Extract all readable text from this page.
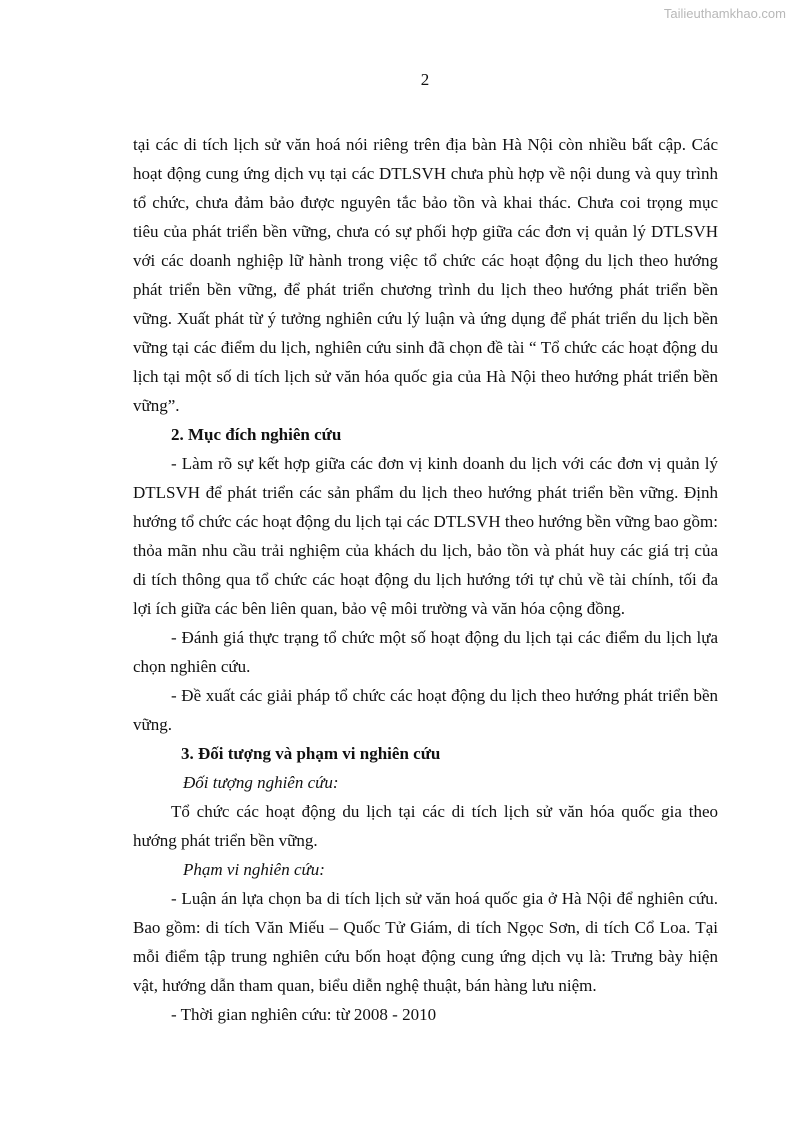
Tailieuthamkhao.com
2

tại các di tích lịch sử văn hoá nói riêng trên địa bàn Hà Nội còn nhiều bất cập. Các hoạt động cung ứng dịch vụ tại các DTLSVH chưa phù hợp về nội dung và quy trình tổ chức, chưa đảm bảo được nguyên tắc bảo tồn và khai thác. Chưa coi trọng mục tiêu của phát triển bền vững, chưa có sự phối hợp giữa các đơn vị quản lý DTLSVH với các doanh nghiệp lữ hành trong việc tổ chức các hoạt động du lịch theo hướng phát triển bền vững, để phát triển chương trình du lịch theo hướng phát triển bền vững. Xuất phát từ ý tưởng nghiên cứu lý luận và ứng dụng để phát triển du lịch bền vững tại các điểm du lịch, nghiên cứu sinh đã chọn đề tài “ Tổ chức các hoạt động du lịch tại một số di tích lịch sử văn hóa quốc gia của Hà Nội theo hướng phát triển bền vững”.

2. Mục đích nghiên cứu

- Làm rõ sự kết hợp giữa các đơn vị kinh doanh du lịch với các đơn vị quản lý DTLSVH để phát triển các sản phẩm du lịch theo hướng phát triển bền vững. Định hướng tổ chức các hoạt động du lịch tại các DTLSVH theo hướng bền vững bao gồm: thỏa mãn nhu cầu trải nghiệm của khách du lịch, bảo tồn và phát huy các giá trị của di tích thông qua tổ chức các hoạt động du lịch hướng tới tự chủ về tài chính, tối đa lợi ích giữa các bên liên quan, bảo vệ môi trường và văn hóa cộng đồng.

- Đánh giá thực trạng tổ chức một số hoạt động du lịch tại các điểm du lịch lựa chọn nghiên cứu.

- Đề xuất các giải pháp tổ chức các hoạt động du lịch theo hướng phát triển bền vững.

3. Đối tượng và phạm vi nghiên cứu

Đối tượng nghiên cứu:

Tổ chức các hoạt động du lịch tại các di tích lịch sử văn hóa quốc gia theo hướng phát triển bền vững.

Phạm vi nghiên cứu:

- Luận án lựa chọn ba di tích lịch sử văn hoá quốc gia ở Hà Nội để nghiên cứu. Bao gồm: di tích Văn Miếu – Quốc Tử Giám, di tích Ngọc Sơn, di tích Cổ Loa. Tại mỗi điểm tập trung nghiên cứu bốn hoạt động cung ứng dịch vụ là: Trưng bày hiện vật, hướng dẫn tham quan, biểu diễn nghệ thuật, bán hàng lưu niệm.

- Thời gian nghiên cứu: từ 2008 - 2010
